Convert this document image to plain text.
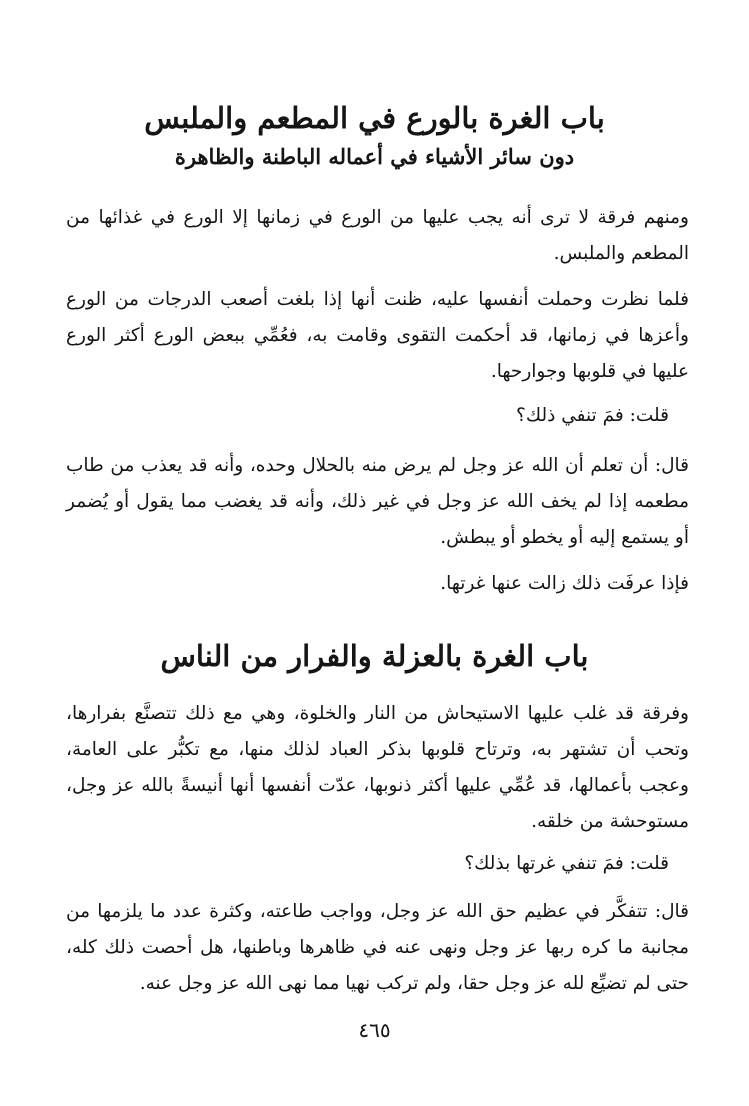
باب الغرة بالورع في المطعم والملبس
دون سائر الأشياء في أعماله الباطنة والظاهرة

ومنهم فرقة لا ترى أنه يجب عليها من الورع في زمانها إلا الورع في غذائها من المطعم والملبس.

فلما نظرت وحملت أنفسها عليه، ظنت أنها إذا بلغت أصعب الدرجات من الورع وأعزها في زمانها، قد أحكمت التقوى وقامت به، فعُمِّي ببعض الورع أكثر الورع عليها في قلوبها وجوارحها.

قلت: فمَ تنفي ذلك؟

قال: أن تعلم أن الله عز وجل لم يرض منه بالحلال وحده، وأنه قد يعذب من طاب مطعمه إذا لم يخف الله عز وجل في غير ذلك، وأنه قد يغضب مما يقول أو يُضمر أو يستمع إليه أو يخطو أو يبطش.

فإذا عرفَت ذلك زالت عنها غرتها.

باب الغرة بالعزلة والفرار من الناس

وفرقة قد غلب عليها الاستيحاش من النار والخلوة، وهي مع ذلك تتصنَّع بفرارها، وتحب أن تشتهر به، وترتاح قلوبها بذكر العباد لذلك منها، مع تكبُّر على العامة، وعجب بأعمالها، قد عُمِّي عليها أكثر ذنوبها، عدّت أنفسها أنها أنيسةً بالله عز وجل، مستوحشة من خلقه.

قلت: فمَ تنفي غرتها بذلك؟

قال: تتفكَّر في عظيم حق الله عز وجل، وواجب طاعته، وكثرة عدد ما يلزمها من مجانبة ما كره ربها عز وجل ونهى عنه في ظاهرها وباطنها، هل أحصت ذلك كله، حتى لم تضيِّع لله عز وجل حقا، ولم تركب نهيا مما نهى الله عز وجل عنه.

٤٦٥
